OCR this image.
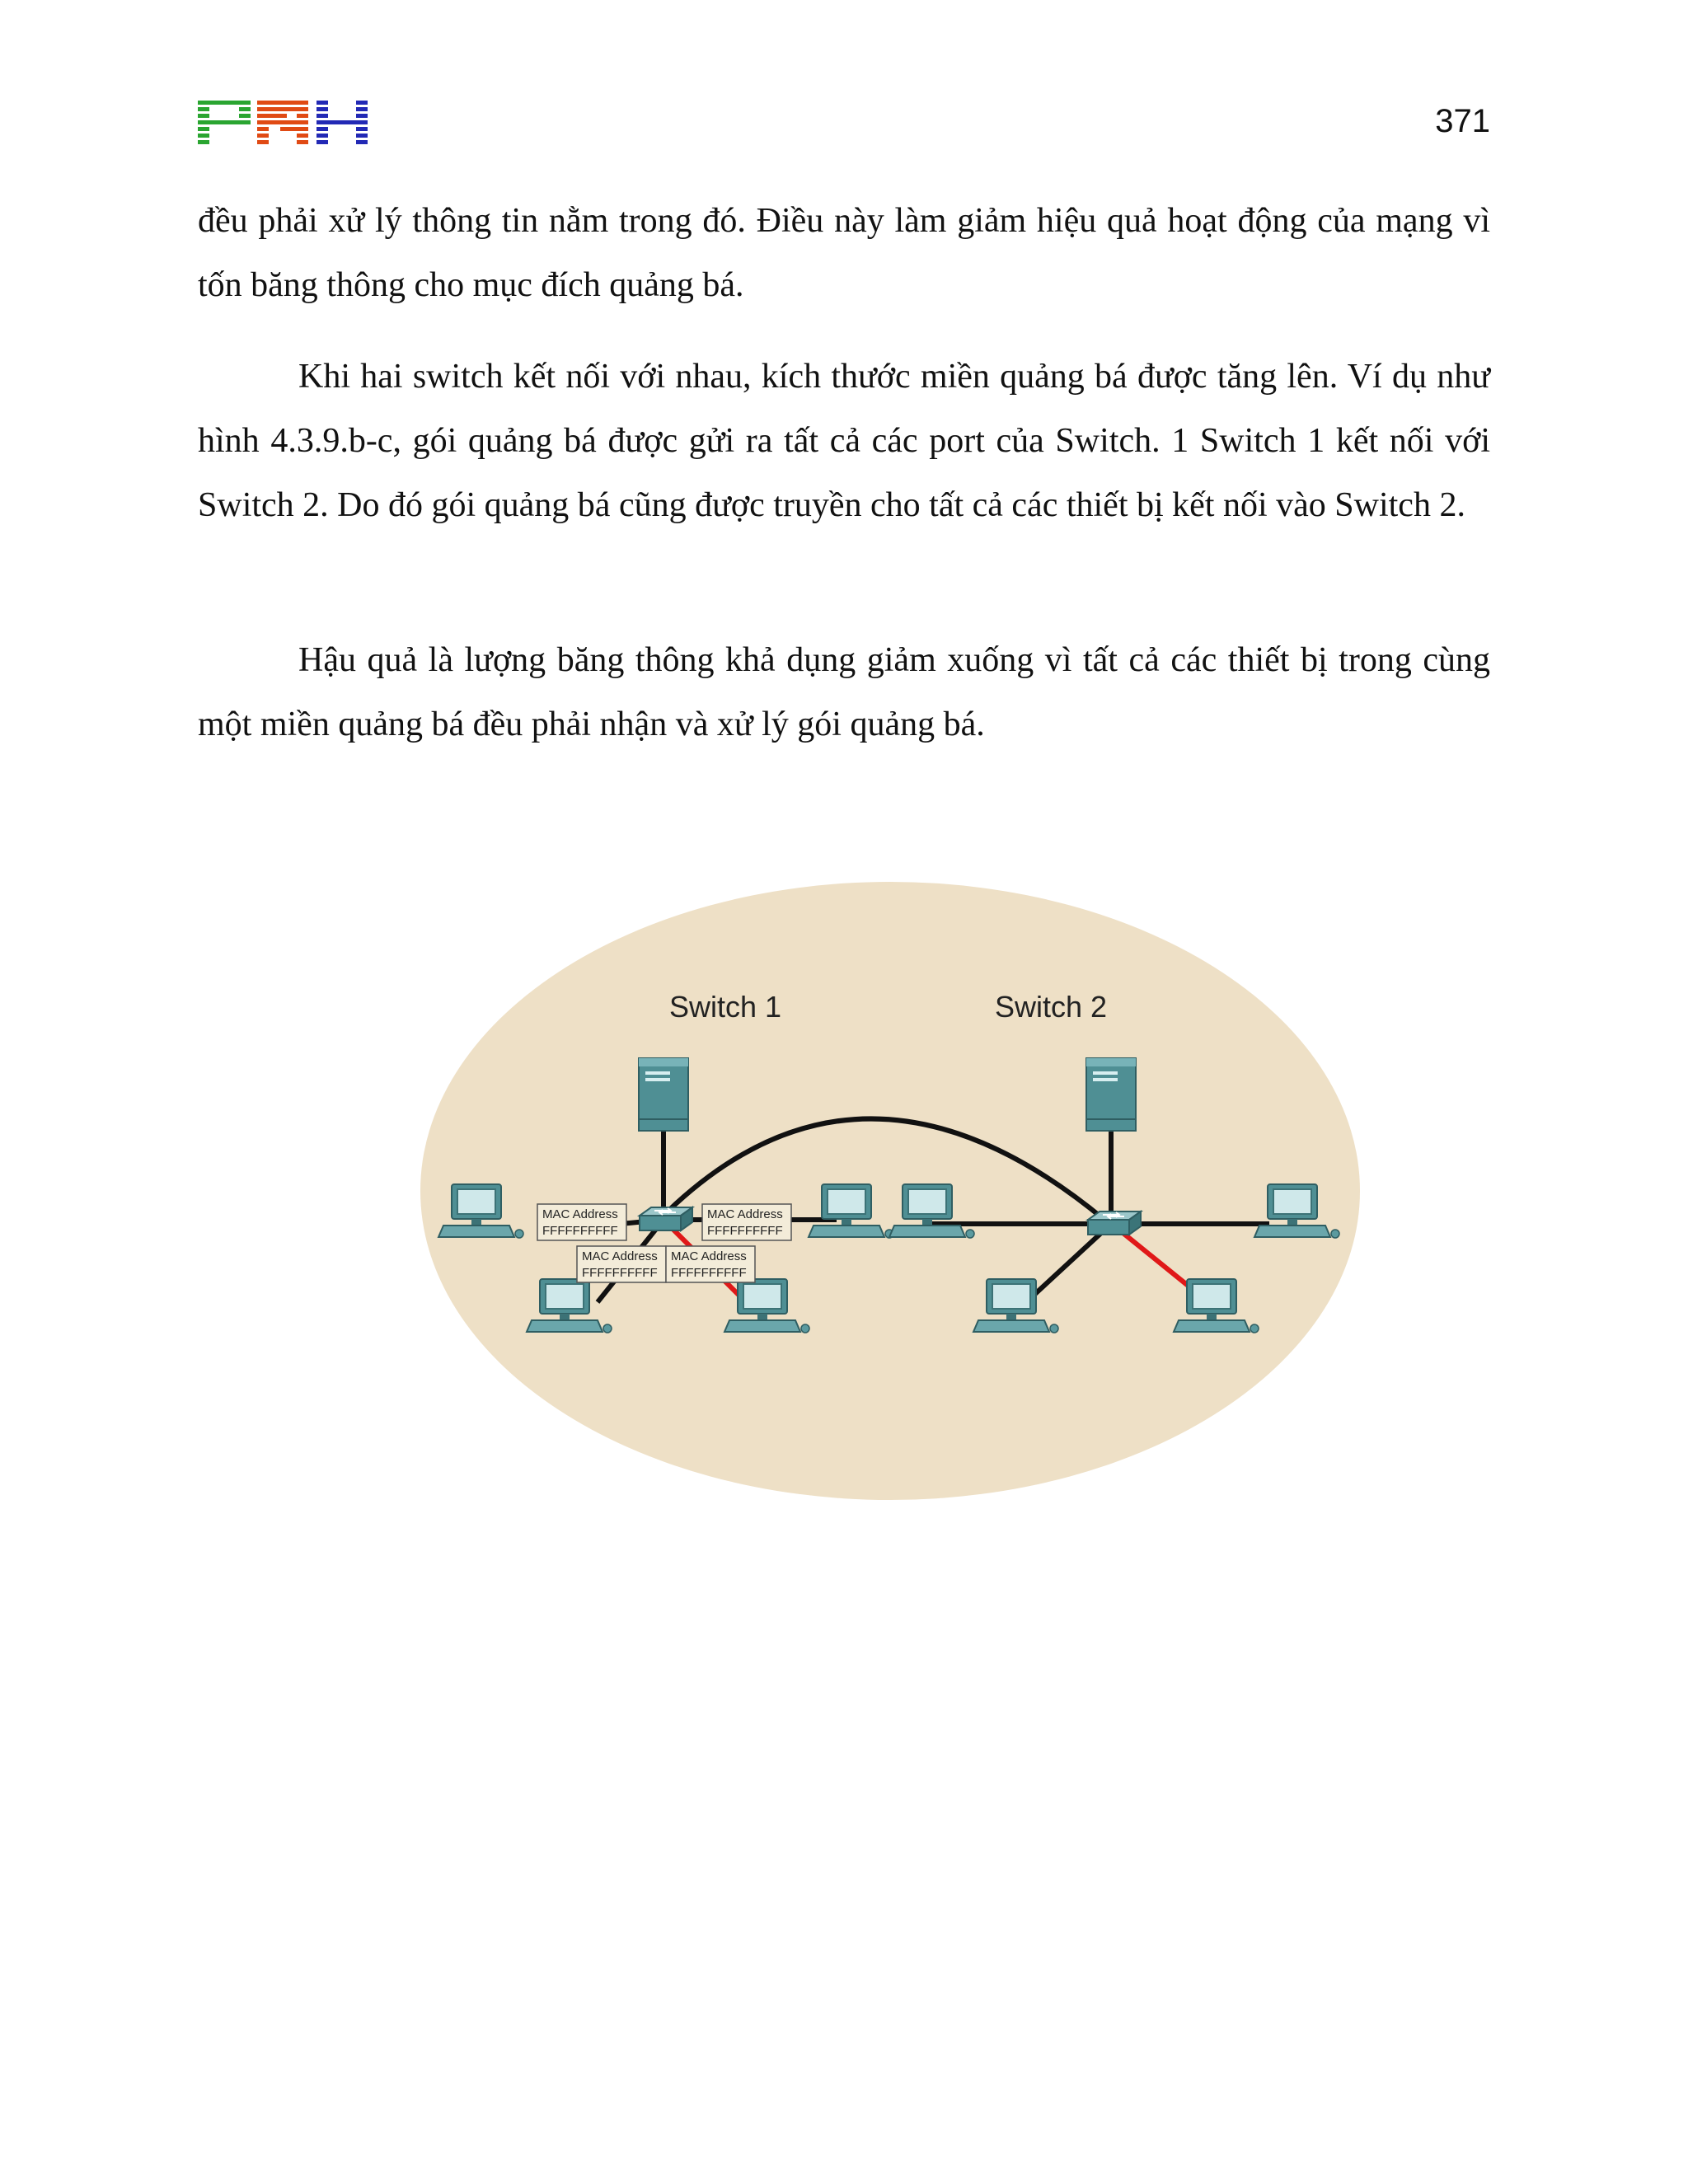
371

đều phải xử lý thông tin nằm trong đó. Điều này làm giảm hiệu quả hoạt động của mạng vì tốn băng thông cho mục đích quảng bá.

Khi hai switch kết nối với nhau, kích thước miền quảng bá được tăng lên. Ví dụ như hình 4.3.9.b-c, gói quảng bá được gửi ra tất cả các port của Switch. 1 Switch 1 kết nối với Switch 2. Do đó gói quảng bá cũng được truyền cho tất cả các thiết bị kết nối vào Switch 2.

Hậu quả là lượng băng thông khả dụng giảm xuống vì tất cả các thiết bị trong cùng một miền quảng bá đều phải nhận và xử lý gói quảng bá.

Switch 1	Switch 2
MAC Address
FFFFFFFFFF
MAC Address
FFFFFFFFFF
MAC Address
FFFFFFFFFF
MAC Address
FFFFFFFFFF
